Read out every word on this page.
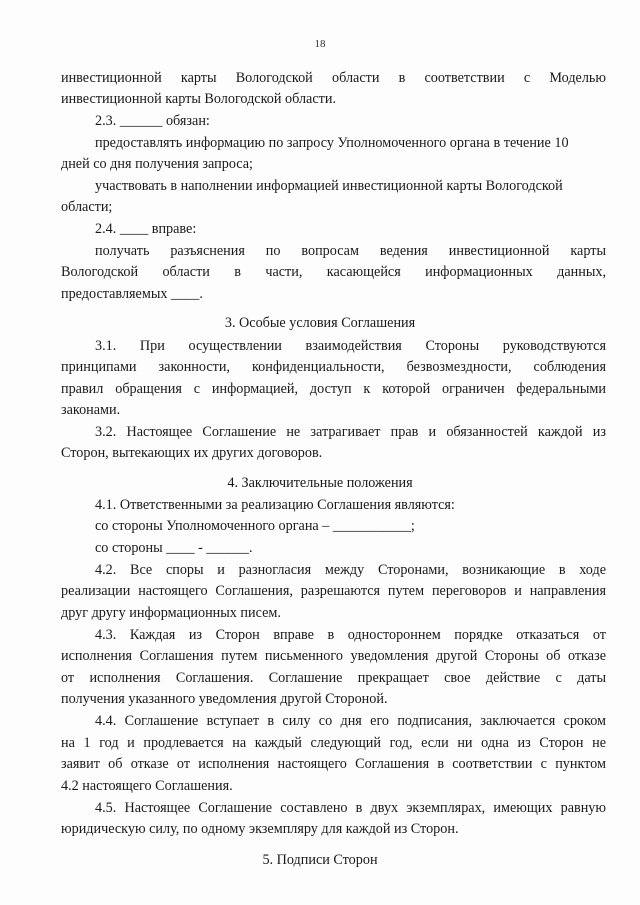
18

инвестиционной карты Вологодской области в соответствии с Моделью

инвестиционной карты Вологодской области.

2.3. ______ обязан:

предоставлять информацию по запросу Уполномоченного органа в течение 10

дней со дня получения запроса;

участвовать в наполнении информацией инвестиционной карты Вологодской

области;

2.4. ____ вправе:

получать разъяснения по вопросам ведения инвестиционной карты

Вологодской области в части, касающейся информационных данных,

предоставляемых ____.

3. Особые условия Соглашения

3.1. При осуществлении взаимодействия Стороны руководствуются

принципами законности, конфиденциальности, безвозмездности, соблюдения

правил обращения с информацией, доступ к которой ограничен федеральными

законами.

3.2. Настоящее Соглашение не затрагивает прав и обязанностей каждой из

Сторон, вытекающих их других договоров.

4. Заключительные положения

4.1. Ответственными за реализацию Соглашения являются:

со стороны Уполномоченного органа – ___________;

со стороны ____ - ______.

4.2. Все споры и разногласия между Сторонами, возникающие в ходе

реализации настоящего Соглашения, разрешаются путем переговоров и направления

друг другу информационных писем.

4.3. Каждая из Сторон вправе в одностороннем порядке отказаться от

исполнения Соглашения путем письменного уведомления другой Стороны об отказе

от исполнения Соглашения. Соглашение прекращает свое действие с даты

получения указанного уведомления другой Стороной.

4.4. Соглашение вступает в силу со дня его подписания, заключается сроком

на 1 год и продлевается на каждый следующий год, если ни одна из Сторон не

заявит об отказе от исполнения настоящего Соглашения в соответствии с пунктом

4.2 настоящего Соглашения.

4.5. Настоящее Соглашение составлено в двух экземплярах, имеющих равную

юридическую силу, по одному экземпляру для каждой из Сторон.

5. Подписи Сторон
